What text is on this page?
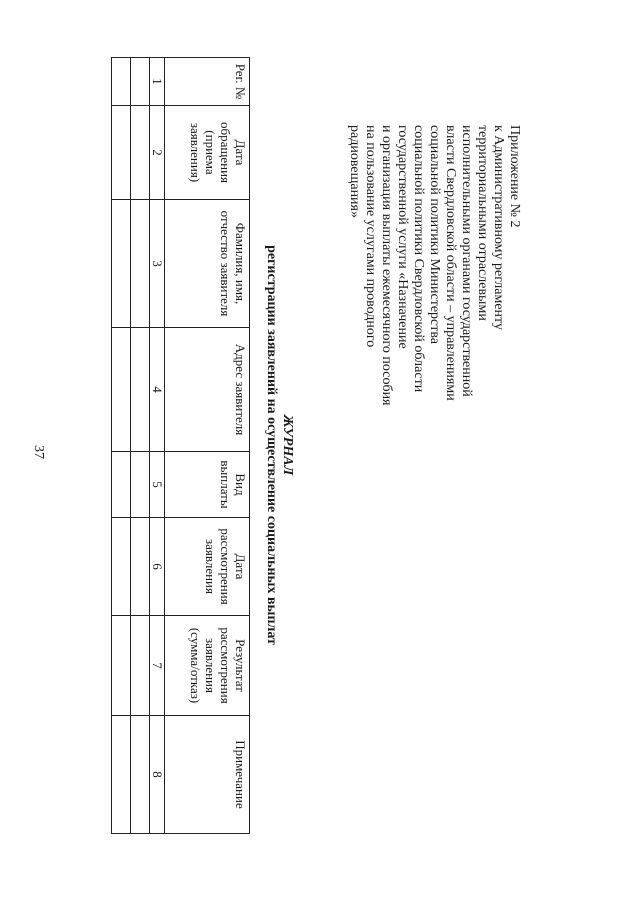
37
Приложение № 2
к Административному регламенту
территориальными отраслевыми
исполнительными органами государственной
власти Свердловской области – управлениями
социальной политики Министерства
социальной политики Свердловской области
государственной услуги «Назначение
и организация выплаты ежемесячного пособия
на пользование услугами проводного
радиовещания»
ЖУРНАЛ
регистрации заявлений на осуществление социальных выплат
Рег. №	Дата обращения (приема заявления)	Фамилия, имя, отчество заявителя	Адрес заявителя	Вид выплаты	Дата рассмотрения заявления	Результат рассмотрения заявления (сумма/отказ)	Примечание
1	2	3	4	5	6	7	8
